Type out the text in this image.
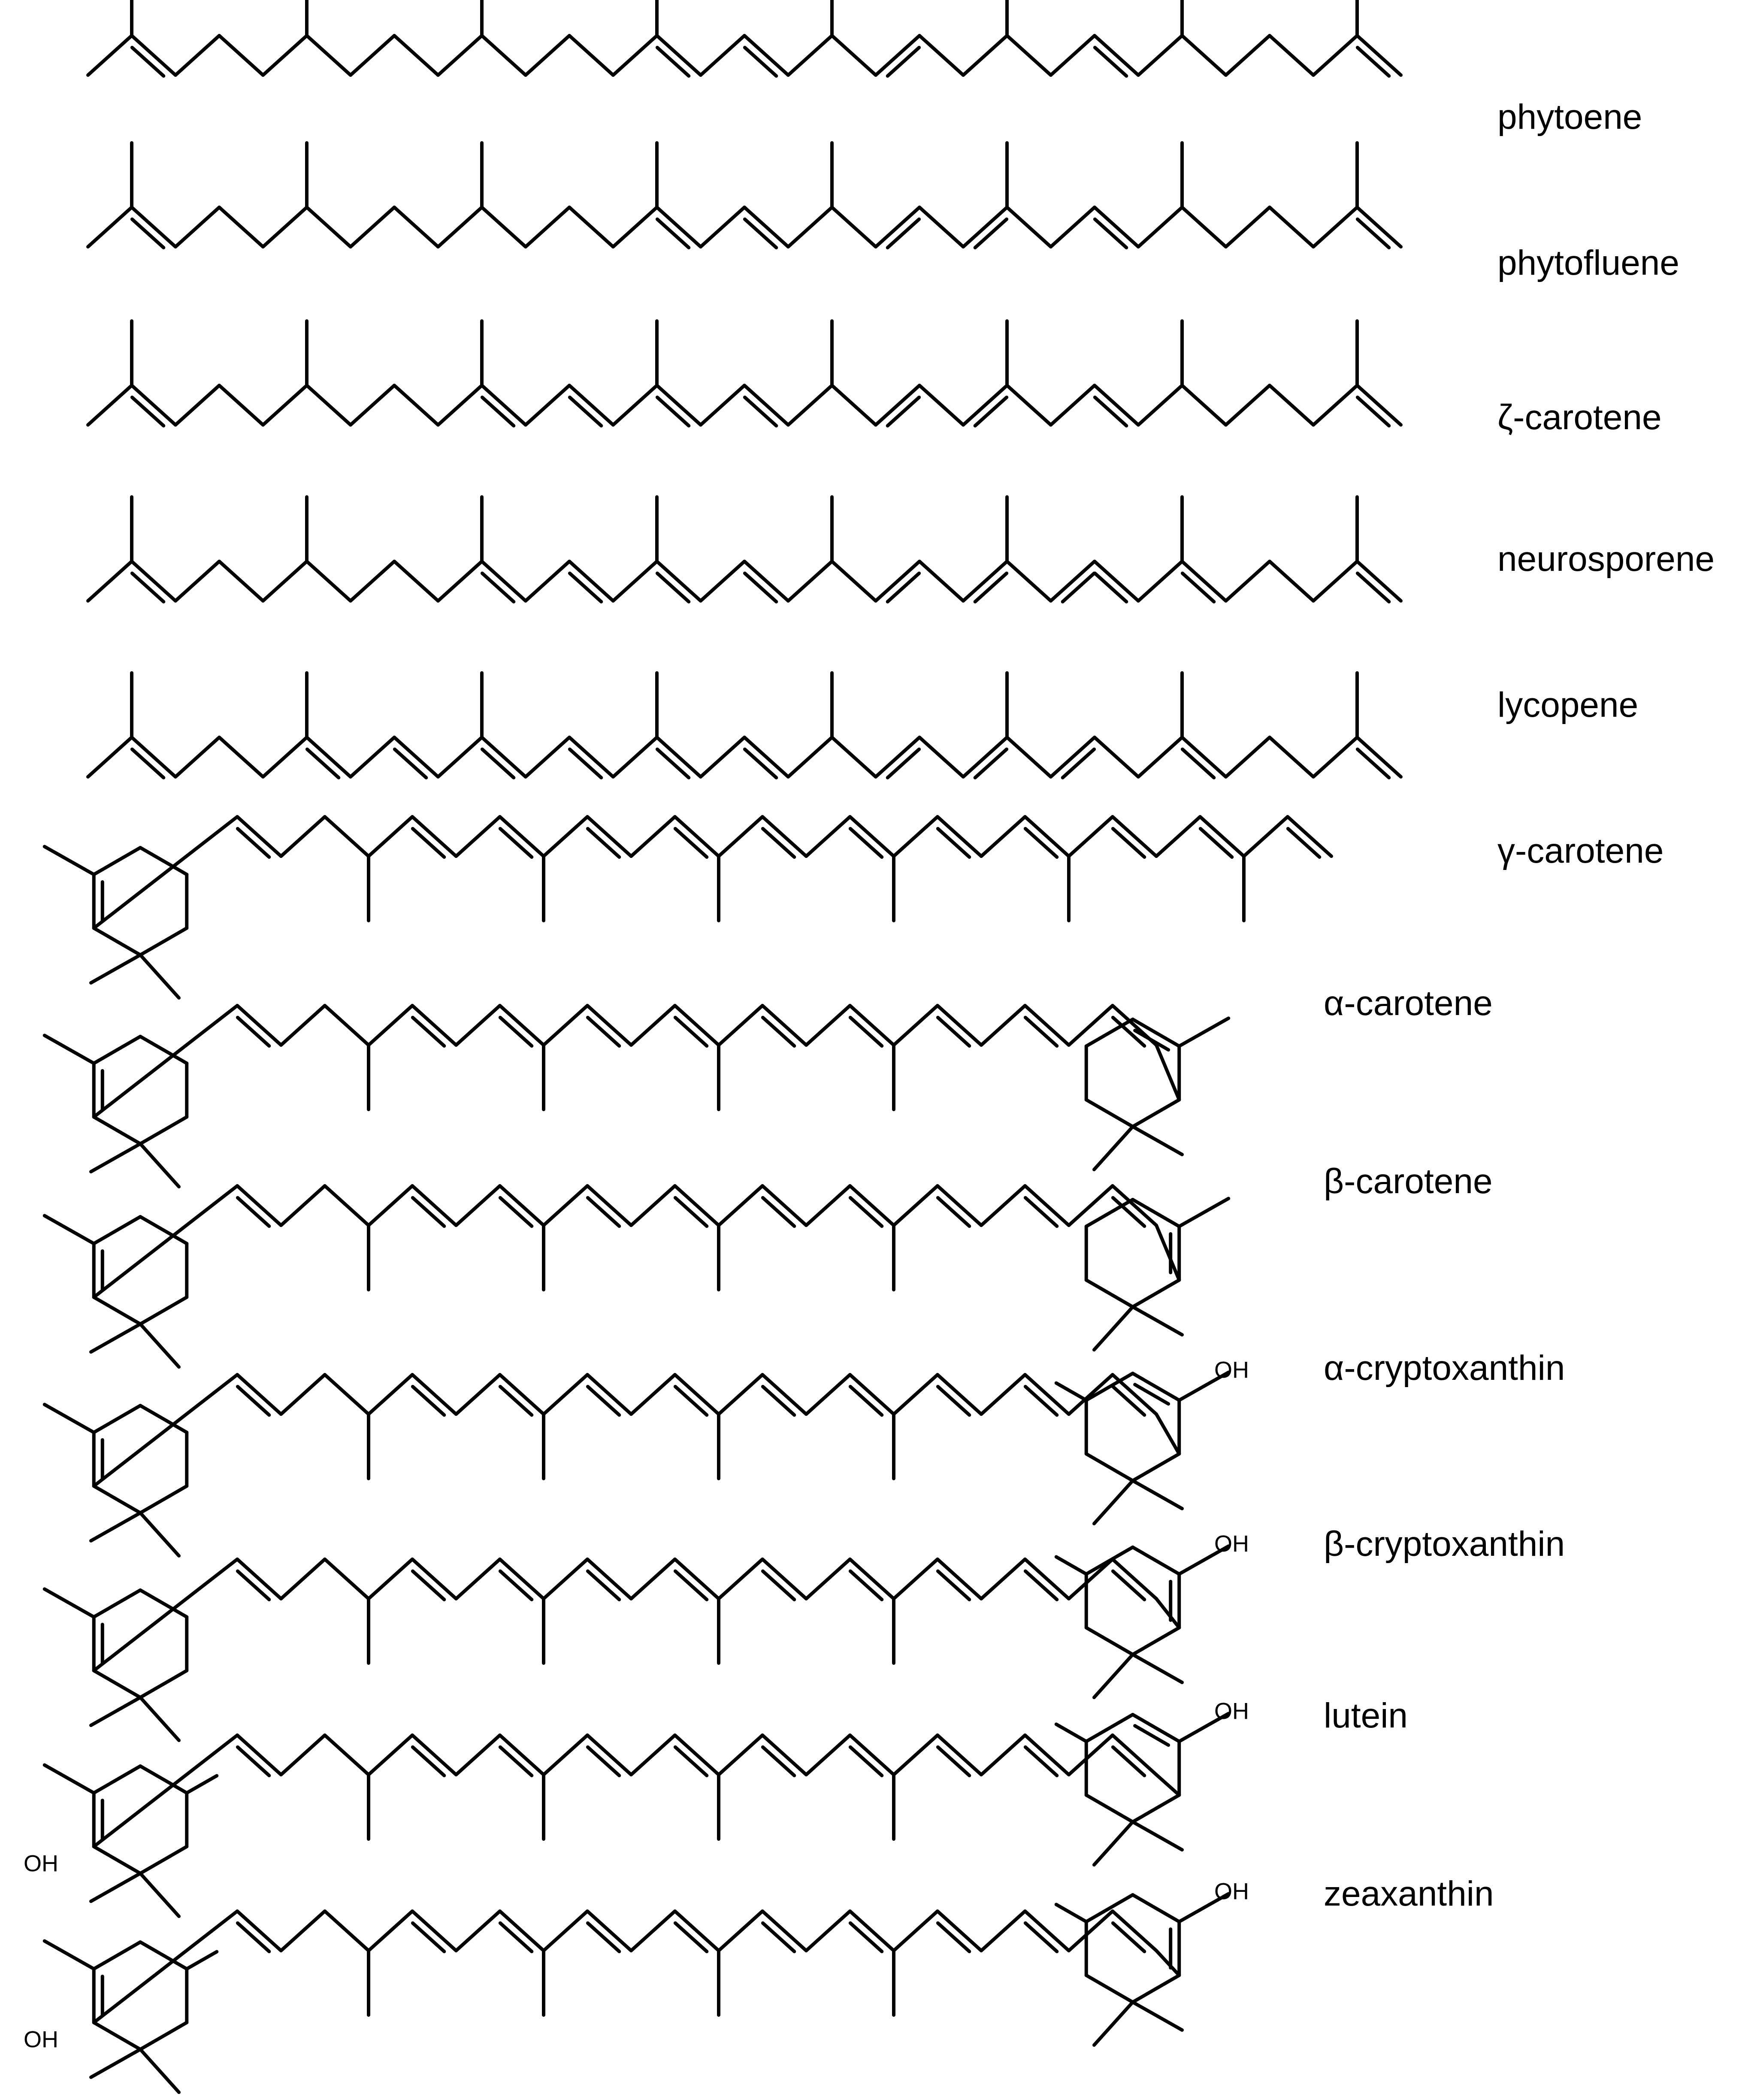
phytoene
phytofluene
ζ-carotene
neurosporene
lycopene
γ-carotene
α-carotene
β-carotene
OH α-cryptoxanthin
OH β-cryptoxanthin
OH
OH lutein
OH
OH zeaxanthin
